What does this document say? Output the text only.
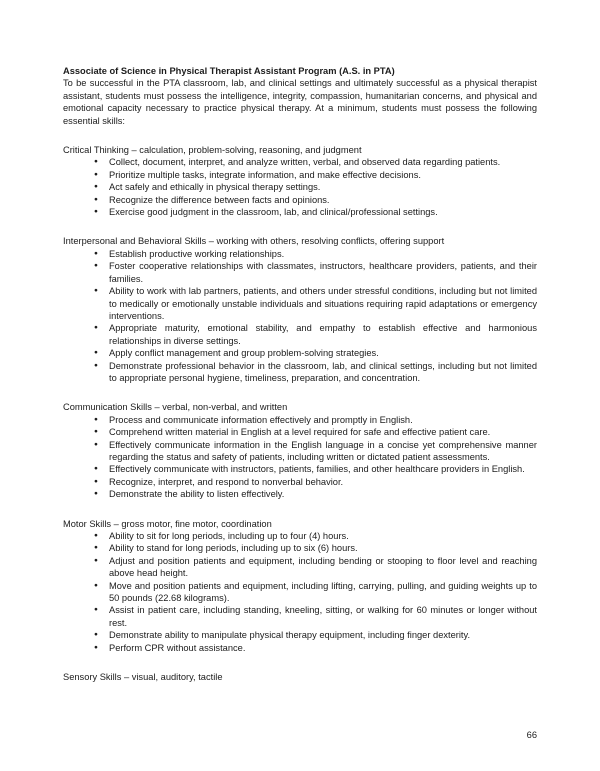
Associate of Science in Physical Therapist Assistant Program (A.S. in PTA)

To be successful in the PTA classroom, lab, and clinical settings and ultimately successful as a physical therapist assistant, students must possess the intelligence, integrity, compassion, humanitarian concerns, and physical and emotional capacity necessary to practice physical therapy. At a minimum, students must possess the following essential skills:

Critical Thinking – calculation, problem-solving, reasoning, and judgment
● Collect, document, interpret, and analyze written, verbal, and observed data regarding patients.
● Prioritize multiple tasks, integrate information, and make effective decisions.
● Act safely and ethically in physical therapy settings.
● Recognize the difference between facts and opinions.
● Exercise good judgment in the classroom, lab, and clinical/professional settings.
Interpersonal and Behavioral Skills – working with others, resolving conflicts, offering support
● Establish productive working relationships.
● Foster cooperative relationships with classmates, instructors, healthcare providers, patients, and their families.
● Ability to work with lab partners, patients, and others under stressful conditions, including but not limited to medically or emotionally unstable individuals and situations requiring rapid adaptations or emergency interventions.
● Appropriate maturity, emotional stability, and empathy to establish effective and harmonious relationships in diverse settings.
● Apply conflict management and group problem-solving strategies.
● Demonstrate professional behavior in the classroom, lab, and clinical settings, including but not limited to appropriate personal hygiene, timeliness, preparation, and concentration.
Communication Skills – verbal, non-verbal, and written
● Process and communicate information effectively and promptly in English.
● Comprehend written material in English at a level required for safe and effective patient care.
● Effectively communicate information in the English language in a concise yet comprehensive manner regarding the status and safety of patients, including written or dictated patient assessments.
● Effectively communicate with instructors, patients, families, and other healthcare providers in English.
● Recognize, interpret, and respond to nonverbal behavior.
● Demonstrate the ability to listen effectively.
Motor Skills – gross motor, fine motor, coordination
● Ability to sit for long periods, including up to four (4) hours.
● Ability to stand for long periods, including up to six (6) hours.
● Adjust and position patients and equipment, including bending or stooping to floor level and reaching above head height.
● Move and position patients and equipment, including lifting, carrying, pulling, and guiding weights up to 50 pounds (22.68 kilograms).
● Assist in patient care, including standing, kneeling, sitting, or walking for 60 minutes or longer without rest.
● Demonstrate ability to manipulate physical therapy equipment, including finger dexterity.
● Perform CPR without assistance.
Sensory Skills – visual, auditory, tactile
66
